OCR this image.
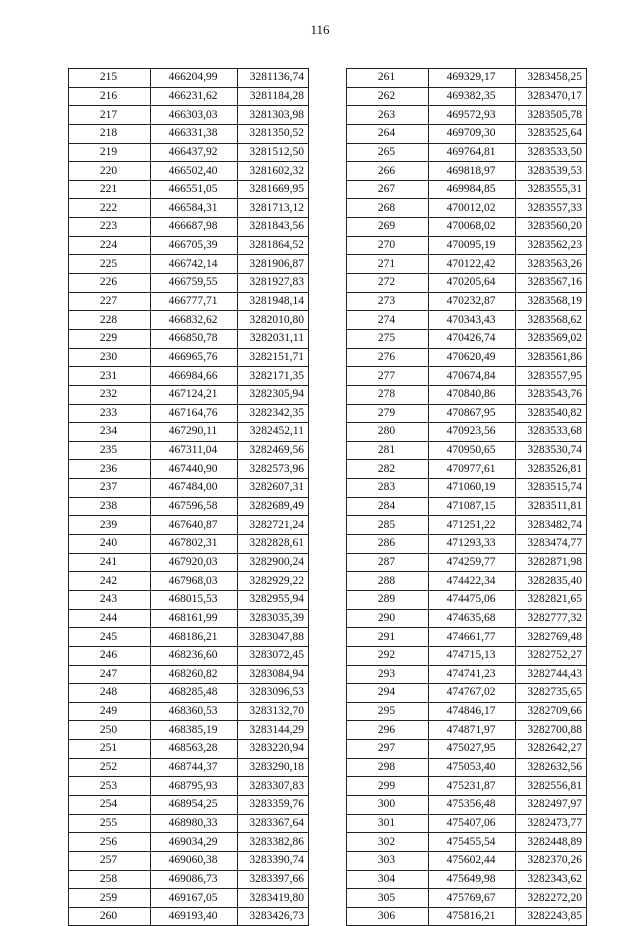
116
215	466204,99	3281136,74
216	466231,62	3281184,28
217	466303,03	3281303,98
218	466331,38	3281350,52
219	466437,92	3281512,50
220	466502,40	3281602,32
221	466551,05	3281669,95
222	466584,31	3281713,12
223	466687,98	3281843,56
224	466705,39	3281864,52
225	466742,14	3281906,87
226	466759,55	3281927,83
227	466777,71	3281948,14
228	466832,62	3282010,80
229	466850,78	3282031,11
230	466965,76	3282151,71
231	466984,66	3282171,35
232	467124,21	3282305,94
233	467164,76	3282342,35
234	467290,11	3282452,11
235	467311,04	3282469,56
236	467440,90	3282573,96
237	467484,00	3282607,31
238	467596,58	3282689,49
239	467640,87	3282721,24
240	467802,31	3282828,61
241	467920,03	3282900,24
242	467968,03	3282929,22
243	468015,53	3282955,94
244	468161,99	3283035,39
245	468186,21	3283047,88
246	468236,60	3283072,45
247	468260,82	3283084,94
248	468285,48	3283096,53
249	468360,53	3283132,70
250	468385,19	3283144,29
251	468563,28	3283220,94
252	468744,37	3283290,18
253	468795,93	3283307,83
254	468954,25	3283359,76
255	468980,33	3283367,64
256	469034,29	3283382,86
257	469060,38	3283390,74
258	469086,73	3283397,66
259	469167,05	3283419,80
260	469193,40	3283426,73
261	469329,17	3283458,25
262	469382,35	3283470,17
263	469572,93	3283505,78
264	469709,30	3283525,64
265	469764,81	3283533,50
266	469818,97	3283539,53
267	469984,85	3283555,31
268	470012,02	3283557,33
269	470068,02	3283560,20
270	470095,19	3283562,23
271	470122,42	3283563,26
272	470205,64	3283567,16
273	470232,87	3283568,19
274	470343,43	3283568,62
275	470426,74	3283569,02
276	470620,49	3283561,86
277	470674,84	3283557,95
278	470840,86	3283543,76
279	470867,95	3283540,82
280	470923,56	3283533,68
281	470950,65	3283530,74
282	470977,61	3283526,81
283	471060,19	3283515,74
284	471087,15	3283511,81
285	471251,22	3283482,74
286	471293,33	3283474,77
287	474259,77	3282871,98
288	474422,34	3282835,40
289	474475,06	3282821,65
290	474635,68	3282777,32
291	474661,77	3282769,48
292	474715,13	3282752,27
293	474741,23	3282744,43
294	474767,02	3282735,65
295	474846,17	3282709,66
296	474871,97	3282700,88
297	475027,95	3282642,27
298	475053,40	3282632,56
299	475231,87	3282556,81
300	475356,48	3282497,97
301	475407,06	3282473,77
302	475455,54	3282448,89
303	475602,44	3282370,26
304	475649,98	3282343,62
305	475769,67	3282272,20
306	475816,21	3282243,85
